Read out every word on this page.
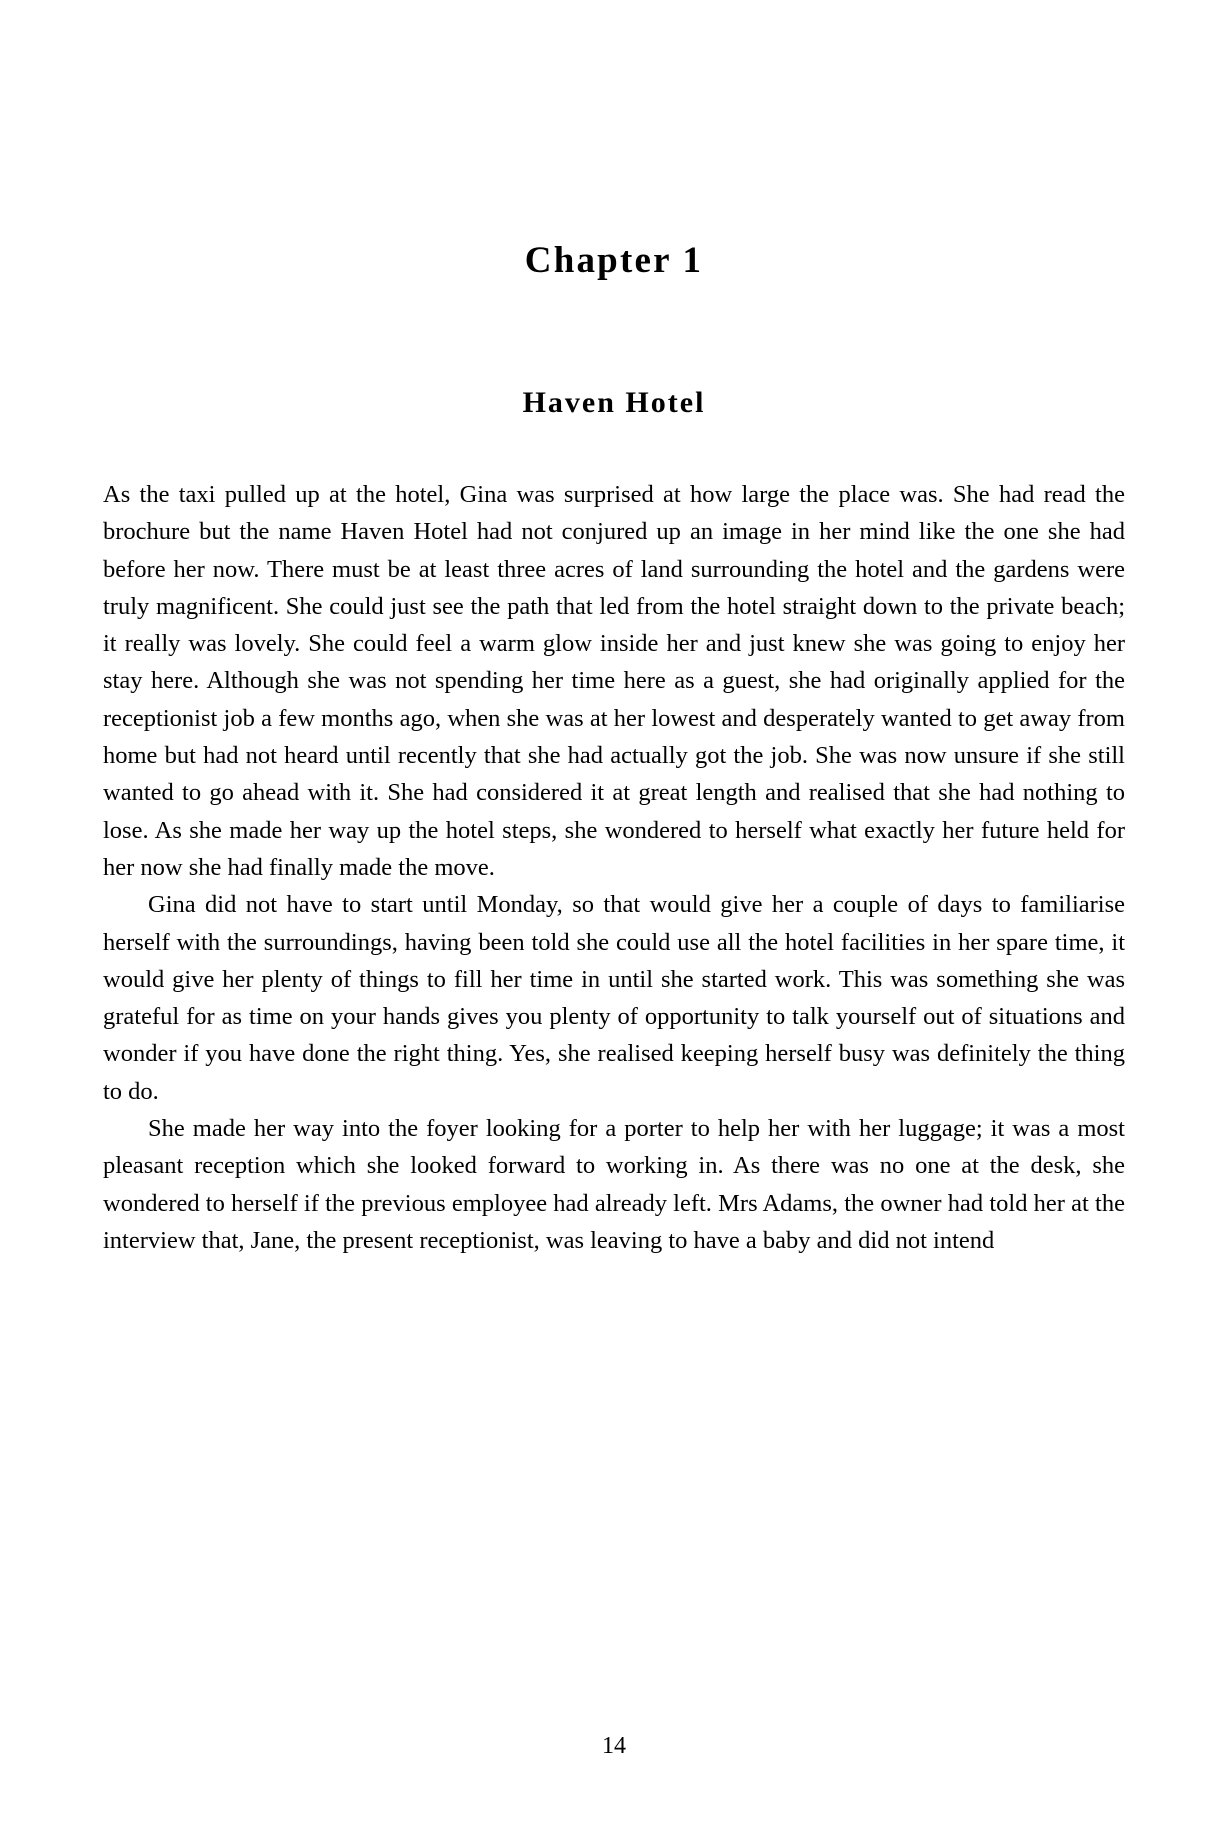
Chapter 1
Haven Hotel

As the taxi pulled up at the hotel, Gina was surprised at how large the place was. She had read the brochure but the name Haven Hotel had not conjured up an image in her mind like the one she had before her now. There must be at least three acres of land surrounding the hotel and the gardens were truly magnificent. She could just see the path that led from the hotel straight down to the private beach; it really was lovely. She could feel a warm glow inside her and just knew she was going to enjoy her stay here. Although she was not spending her time here as a guest, she had originally applied for the receptionist job a few months ago, when she was at her lowest and desperately wanted to get away from home but had not heard until recently that she had actually got the job. She was now unsure if she still wanted to go ahead with it. She had considered it at great length and realised that she had nothing to lose. As she made her way up the hotel steps, she wondered to herself what exactly her future held for her now she had finally made the move.

Gina did not have to start until Monday, so that would give her a couple of days to familiarise herself with the surroundings, having been told she could use all the hotel facilities in her spare time, it would give her plenty of things to fill her time in until she started work. This was something she was grateful for as time on your hands gives you plenty of opportunity to talk yourself out of situations and wonder if you have done the right thing. Yes, she realised keeping herself busy was definitely the thing to do.

She made her way into the foyer looking for a porter to help her with her luggage; it was a most pleasant reception which she looked forward to working in. As there was no one at the desk, she wondered to herself if the previous employee had already left. Mrs Adams, the owner had told her at the interview that, Jane, the present receptionist, was leaving to have a baby and did not intend

14
